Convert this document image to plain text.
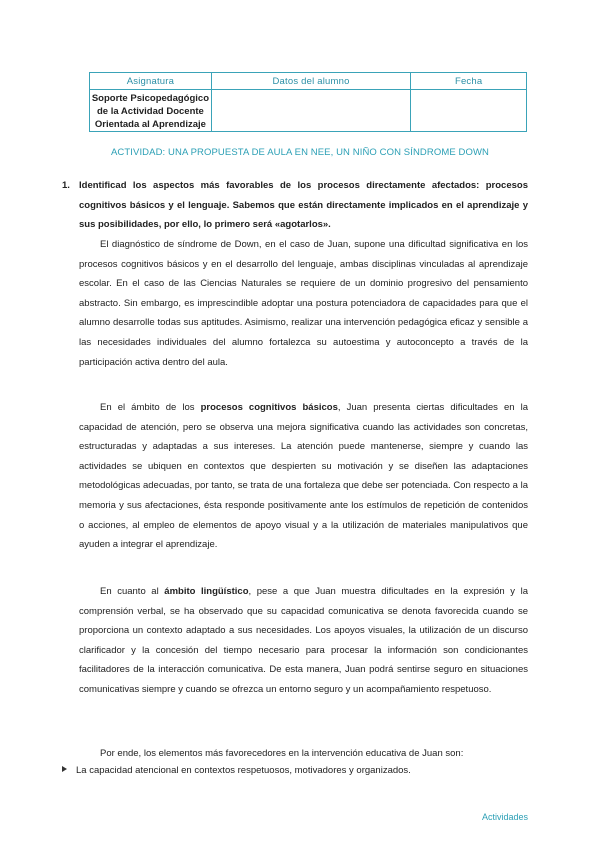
Asignatura	Datos del alumno	Fecha
Soporte Psicopedagógico de la Actividad Docente Orientada al Aprendizaje		
ACTIVIDAD: UNA PROPUESTA DE AULA EN NEE, UN NIÑO CON SÍNDROME DOWN
1. Identificad los aspectos más favorables de los procesos directamente afectados: procesos cognitivos básicos y el lenguaje. Sabemos que están directamente implicados en el aprendizaje y sus posibilidades, por ello, lo primero será «agotarlos».

El diagnóstico de síndrome de Down, en el caso de Juan, supone una dificultad significativa en los procesos cognitivos básicos y en el desarrollo del lenguaje, ambas disciplinas vinculadas al aprendizaje escolar. En el caso de las Ciencias Naturales se requiere de un dominio progresivo del pensamiento abstracto. Sin embargo, es imprescindible adoptar una postura potenciadora de capacidades para que el alumno desarrolle todas sus aptitudes. Asimismo, realizar una intervención pedagógica eficaz y sensible a las necesidades individuales del alumno fortalezca su autoestima y autoconcepto a través de la participación activa dentro del aula.

En el ámbito de los procesos cognitivos básicos, Juan presenta ciertas dificultades en la capacidad de atención, pero se observa una mejora significativa cuando las actividades son concretas, estructuradas y adaptadas a sus intereses. La atención puede mantenerse, siempre y cuando las actividades se ubiquen en contextos que despierten su motivación y se diseñen las adaptaciones metodológicas adecuadas, por tanto, se trata de una fortaleza que debe ser potenciada. Con respecto a la memoria y sus afectaciones, ésta responde positivamente ante los estímulos de repetición de contenidos o acciones, al empleo de elementos de apoyo visual y a la utilización de materiales manipulativos que ayuden a integrar el aprendizaje.

En cuanto al ámbito lingüístico, pese a que Juan muestra dificultades en la expresión y la comprensión verbal, se ha observado que su capacidad comunicativa se denota favorecida cuando se proporciona un contexto adaptado a sus necesidades. Los apoyos visuales, la utilización de un discurso clarificador y la concesión del tiempo necesario para procesar la información son condicionantes facilitadores de la interacción comunicativa. De esta manera, Juan podrá sentirse seguro en situaciones comunicativas siempre y cuando se ofrezca un entorno seguro y un acompañamiento respetuoso.

Por ende, los elementos más favorecedores en la intervención educativa de Juan son:

La capacidad atencional en contextos respetuosos, motivadores y organizados.
Actividades
